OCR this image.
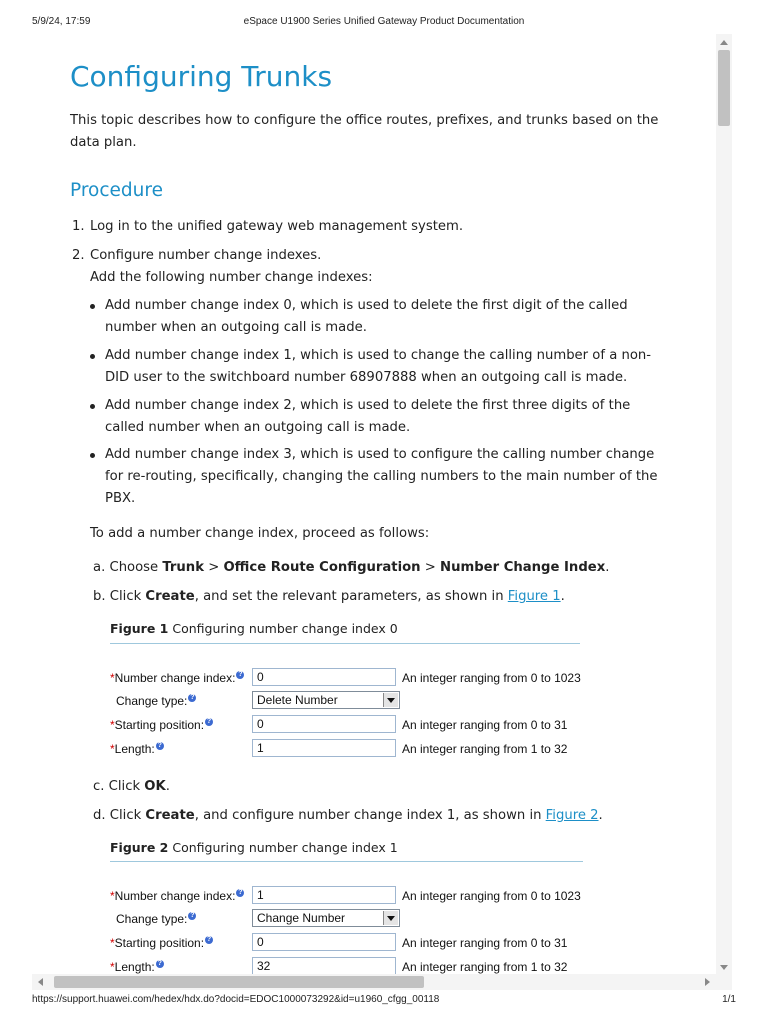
5/9/24, 17:59	eSpace U1900 Series Unified Gateway Product Documentation
Configuring Trunks

This topic describes how to configure the office routes, prefixes, and trunks based on the data plan.

Procedure
1. Log in to the unified gateway web management system.
2. Configure number change indexes.
Add the following number change indexes:
Add number change index 0, which is used to delete the first digit of the called
number when an outgoing call is made.
Add number change index 1, which is used to change the calling number of a non-
DID user to the switchboard number 68907888 when an outgoing call is made.
Add number change index 2, which is used to delete the first three digits of the
called number when an outgoing call is made.
Add number change index 3, which is used to configure the calling number change
for re-routing, specifically, changing the calling numbers to the main number of the
PBX.
To add a number change index, proceed as follows:
a. Choose Trunk > Office Route Configuration > Number Change Index.
b. Click Create, and set the relevant parameters, as shown in Figure 1.
Figure 1 Configuring number change index 0
*Number change index: ?	0	An integer ranging from 0 to 1023
Change type: ?	Delete Number
*Starting position: ?	0	An integer ranging from 0 to 31
*Length: ?	1	An integer ranging from 1 to 32
c. Click OK.
d. Click Create, and configure number change index 1, as shown in Figure 2.
Figure 2 Configuring number change index 1
*Number change index: ?	1	An integer ranging from 0 to 1023
Change type: ?	Change Number
*Starting position: ?	0	An integer ranging from 0 to 31
*Length: ?	32	An integer ranging from 1 to 32
https://support.huawei.com/hedex/hdx.do?docid=EDOC1000073292&id=u1960_cfgg_00118	1/1
